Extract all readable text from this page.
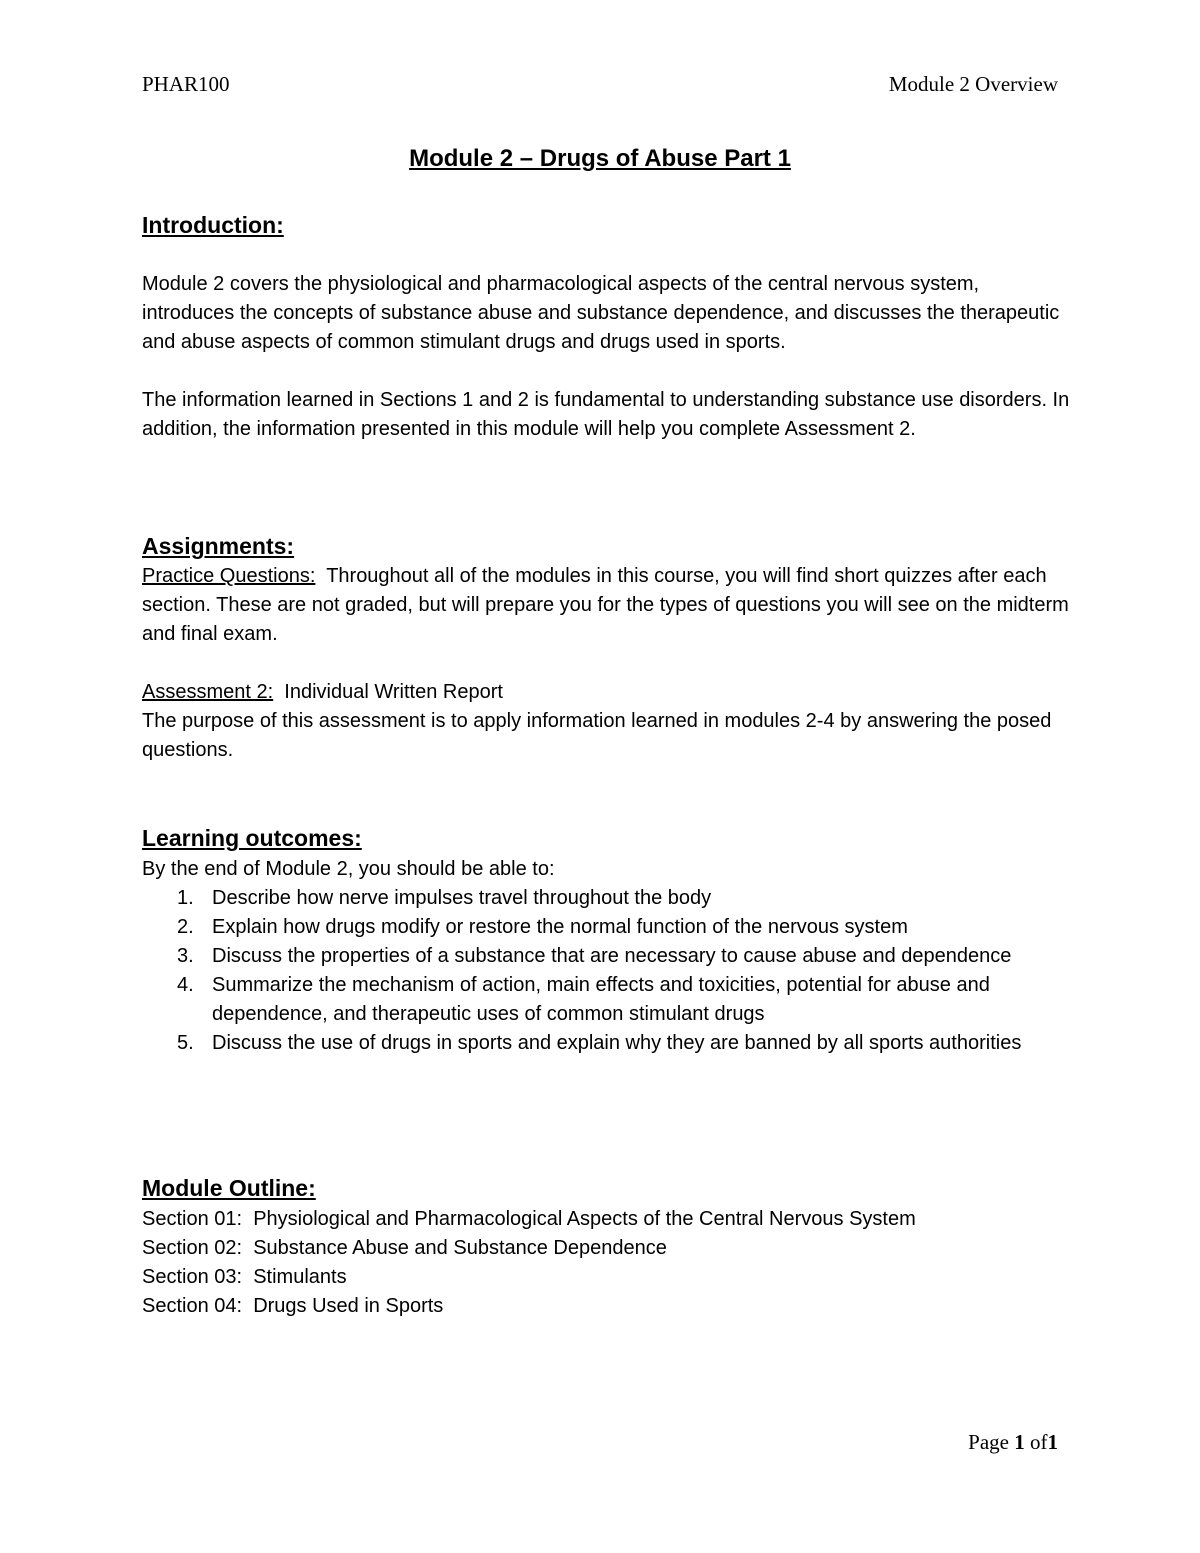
PHAR100	Module 2 Overview
Module 2 – Drugs of Abuse Part 1
Introduction:
Module 2 covers the physiological and pharmacological aspects of the central nervous system, introduces the concepts of substance abuse and substance dependence, and discusses the therapeutic and abuse aspects of common stimulant drugs and drugs used in sports.
The information learned in Sections 1 and 2 is fundamental to understanding substance use disorders. In addition, the information presented in this module will help you complete Assessment 2.
Assignments:
Practice Questions: Throughout all of the modules in this course, you will find short quizzes after each section. These are not graded, but will prepare you for the types of questions you will see on the midterm and final exam.
Assessment 2: Individual Written Report
The purpose of this assessment is to apply information learned in modules 2-4 by answering the posed questions.
Learning outcomes:
By the end of Module 2, you should be able to:
1. Describe how nerve impulses travel throughout the body
2. Explain how drugs modify or restore the normal function of the nervous system
3. Discuss the properties of a substance that are necessary to cause abuse and dependence
4. Summarize the mechanism of action, main effects and toxicities, potential for abuse and dependence, and therapeutic uses of common stimulant drugs
5. Discuss the use of drugs in sports and explain why they are banned by all sports authorities
Module Outline:
Section 01: Physiological and Pharmacological Aspects of the Central Nervous System
Section 02: Substance Abuse and Substance Dependence
Section 03: Stimulants
Section 04: Drugs Used in Sports
Page 1 of1
